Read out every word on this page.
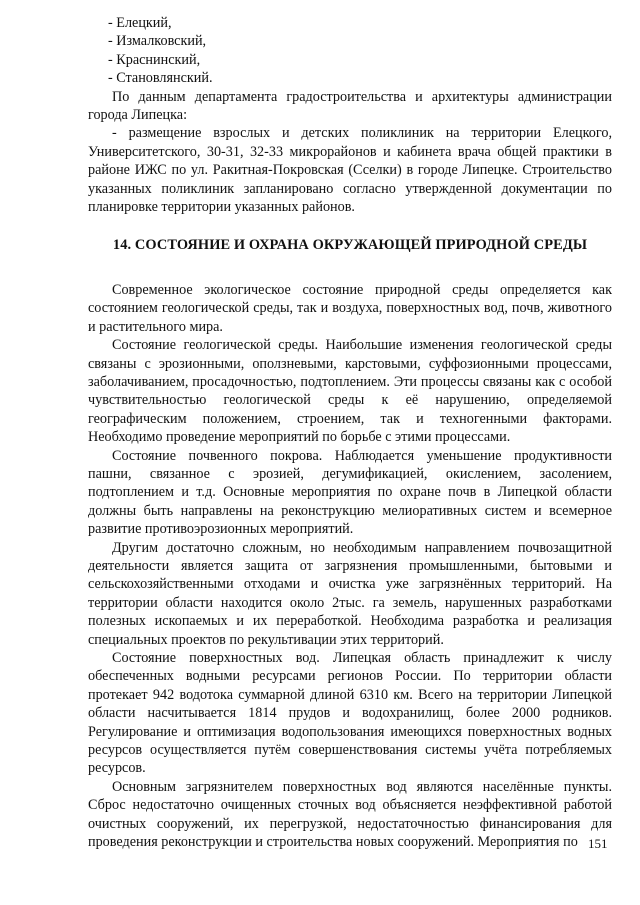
- Елецкий,
- Измалковский,
- Краснинский,
- Становлянский.

По данным департамента градостроительства и архитектуры администрации города Липецка:

- размещение взрослых и детских поликлиник на территории Елецкого, Университетского, 30-31, 32-33 микрорайонов и кабинета врача общей практики в районе ИЖС по ул. Ракитная-Покровская (Сселки) в городе Липецке. Строительство указанных поликлиник запланировано согласно утвержденной документации по планировке территории указанных районов.

14. СОСТОЯНИЕ И ОХРАНА ОКРУЖАЮЩЕЙ ПРИРОДНОЙ СРЕДЫ

Современное экологическое состояние природной среды определяется как состоянием геологической среды, так и воздуха, поверхностных вод, почв, животного и растительного мира.

Состояние геологической среды. Наибольшие изменения геологической среды связаны с эрозионными, оползневыми, карстовыми, суффозионными процессами, заболачиванием, просадочностью, подтоплением. Эти процессы связаны как с особой чувствительностью геологической среды к её нарушению, определяемой географическим положением, строением, так и техногенными факторами. Необходимо проведение мероприятий по борьбе с этими процессами.

Состояние почвенного покрова. Наблюдается уменьшение продуктивности пашни, связанное с эрозией, дегумификацией, окислением, засолением, подтоплением и т.д. Основные мероприятия по охране почв в Липецкой области должны быть направлены на реконструкцию мелиоративных систем и всемерное развитие противоэрозионных мероприятий.

Другим достаточно сложным, но необходимым направлением почвозащитной деятельности является защита от загрязнения промышленными, бытовыми и сельскохозяйственными отходами и очистка уже загрязнённых территорий. На территории области находится около 2тыс. га земель, нарушенных разработками полезных ископаемых и их переработкой. Необходима разработка и реализация специальных проектов по рекультивации этих территорий.

Состояние поверхностных вод. Липецкая область принадлежит к числу обеспеченных водными ресурсами регионов России. По территории области протекает 942 водотока суммарной длиной 6310 км. Всего на территории Липецкой области насчитывается 1814 прудов и водохранилищ, более 2000 родников. Регулирование и оптимизация водопользования имеющихся поверхностных водных ресурсов осуществляется путём совершенствования системы учёта потребляемых ресурсов.

Основным загрязнителем поверхностных вод являются населённые пункты. Сброс недостаточно очищенных сточных вод объясняется неэффективной работой очистных сооружений, их перегрузкой, недостаточностью финансирования для проведения реконструкции и строительства новых сооружений. Мероприятия по 151
